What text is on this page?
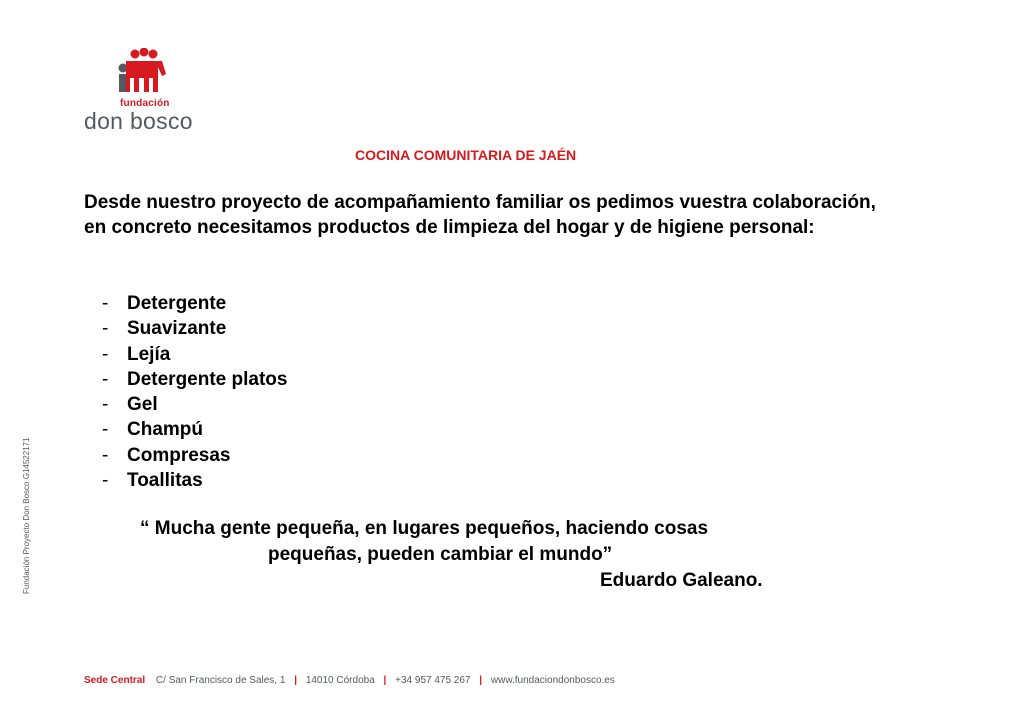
fundación
don bosco
COCINA COMUNITARIA DE JAÉN

Desde nuestro proyecto de acompañamiento familiar os pedimos vuestra colaboración, en concreto necesitamos productos de limpieza del hogar y de higiene personal:

- Detergente
- Suavizante
- Lejía
- Detergente platos
- Gel
- Champú
- Compresas
- Toallitas
“ Mucha gente pequeña, en lugares pequeños, haciendo cosas
pequeñas, pueden cambiar el mundo”
Eduardo Galeano.
Fundación Proyecto Don Bosco G14522171
Sede Central C/ San Francisco de Sales, 1 | 14010 Córdoba | +34 957 475 267 | www.fundaciondonbosco.es
